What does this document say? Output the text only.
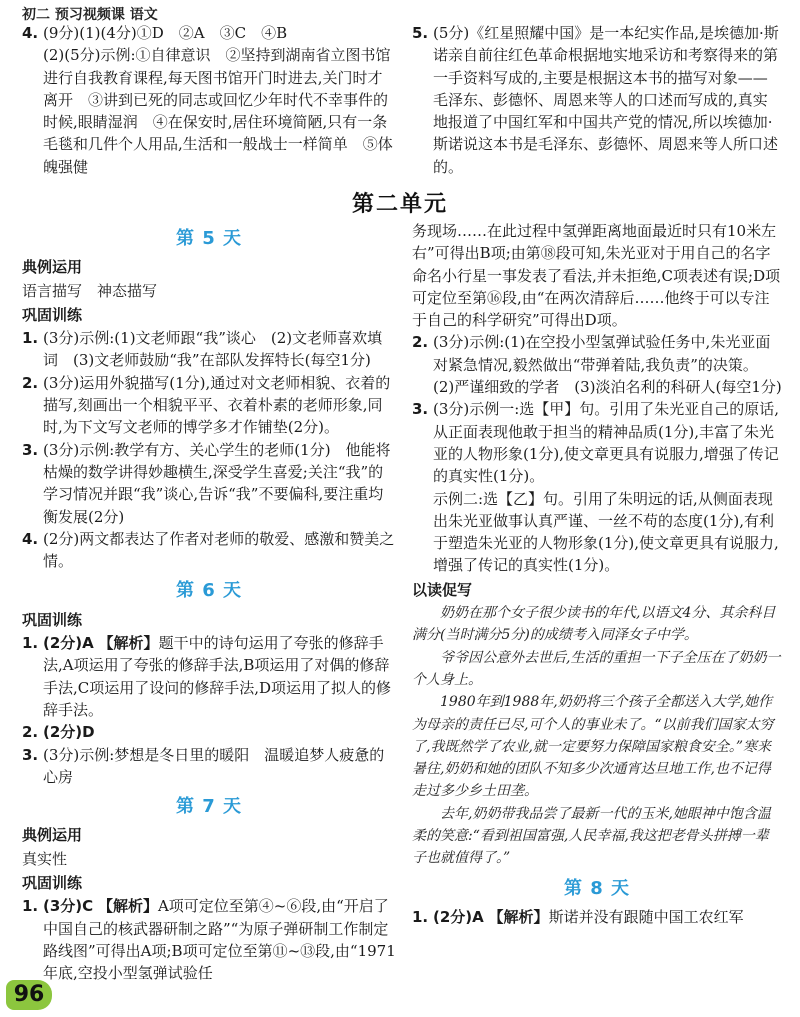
初二 预习视频课 语文
第二单元
4. (9分)(1)(4分)①D　②A　③C　④B

(2)(5分)示例:①自律意识　②坚持到湖南省立图书馆进行自我教育课程,每天图书馆开门时进去,关门时才离开　③讲到已死的同志或回忆少年时代不幸事件的时候,眼睛湿润　④在保安时,居住环境简陋,只有一条毛毯和几件个人用品,生活和一般战士一样简单　⑤体魄强健

5. (5分)《红星照耀中国》是一本纪实作品,是埃德加·斯诺亲自前往红色革命根据地实地采访和考察得来的第一手资料写成的,主要是根据这本书的描写对象——毛泽东、彭德怀、周恩来等人的口述而写成的,真实地报道了中国红军和中国共产党的情况,所以埃德加·斯诺说这本书是毛泽东、彭德怀、周恩来等人所口述的。

第 5 天
典例运用

语言描写　神态描写

巩固训练
1. (3分)示例:(1)文老师跟“我”谈心　(2)文老师喜欢填词　(3)文老师鼓励“我”在部队发挥特长(每空1分)

2. (3分)运用外貌描写(1分),通过对文老师相貌、衣着的描写,刻画出一个相貌平平、衣着朴素的老师形象,同时,为下文写文老师的博学多才作铺垫(2分)。

3. (3分)示例:教学有方、关心学生的老师(1分)　他能将枯燥的数学讲得妙趣横生,深受学生喜爱;关注“我”的学习情况并跟“我”谈心,告诉“我”不要偏科,要注重均衡发展(2分)

4. (2分)两文都表达了作者对老师的敬爱、感激和赞美之情。

第 6 天
巩固训练
1. (2分)A 【解析】题干中的诗句运用了夸张的修辞手法,A项运用了夸张的修辞手法,B项运用了对偶的修辞手法,C项运用了设问的修辞手法,D项运用了拟人的修辞手法。

2. (2分)D

3. (3分)示例:梦想是冬日里的暖阳　温暖追梦人疲惫的心房

第 7 天
典例运用

真实性

巩固训练
1. (3分)C 【解析】A项可定位至第④~⑥段,由“开启了中国自己的核武器研制之路”“为原子弹研制工作制定路线图”可得出A项;B项可定位至第⑪~⑬段,由“1971年底,空投小型氢弹试验任

务现场……在此过程中氢弹距离地面最近时只有10米左右”可得出B项;由第⑱段可知,朱光亚对于用自己的名字命名小行星一事发表了看法,并未拒绝,C项表述有误;D项可定位至第⑯段,由“在两次清辞后……他终于可以专注于自己的科学研究”可得出D项。

2. (3分)示例:(1)在空投小型氢弹试验任务中,朱光亚面对紧急情况,毅然做出“带弹着陆,我负责”的决策。　(2)严谨细致的学者　(3)淡泊名利的科研人(每空1分)

3. (3分)示例一:选【甲】句。引用了朱光亚自己的原话,从正面表现他敢于担当的精神品质(1分),丰富了朱光亚的人物形象(1分),使文章更具有说服力,增强了传记的真实性(1分)。

示例二:选【乙】句。引用了朱明远的话,从侧面表现出朱光亚做事认真严谨、一丝不苟的态度(1分),有利于塑造朱光亚的人物形象(1分),使文章更具有说服力,增强了传记的真实性(1分)。

以读促写

奶奶在那个女子很少读书的年代,以语文4分、其余科目满分(当时满分5分)的成绩考入同泽女子中学。

爷爷因公意外去世后,生活的重担一下子全压在了奶奶一个人身上。

1980年到1988年,奶奶将三个孩子全都送入大学,她作为母亲的责任已尽,可个人的事业未了。“以前我们国家太穷了,我既然学了农业,就一定要努力保障国家粮食安全。”寒来暑往,奶奶和她的团队不知多少次通宵达旦地工作,也不记得走过多少乡土田垄。

去年,奶奶带我品尝了最新一代的玉米,她眼神中饱含温柔的笑意:“看到祖国富强,人民幸福,我这把老骨头拼搏一辈子也就值得了。”

第 8 天
1. (2分)A 【解析】斯诺并没有跟随中国工农红军

96
